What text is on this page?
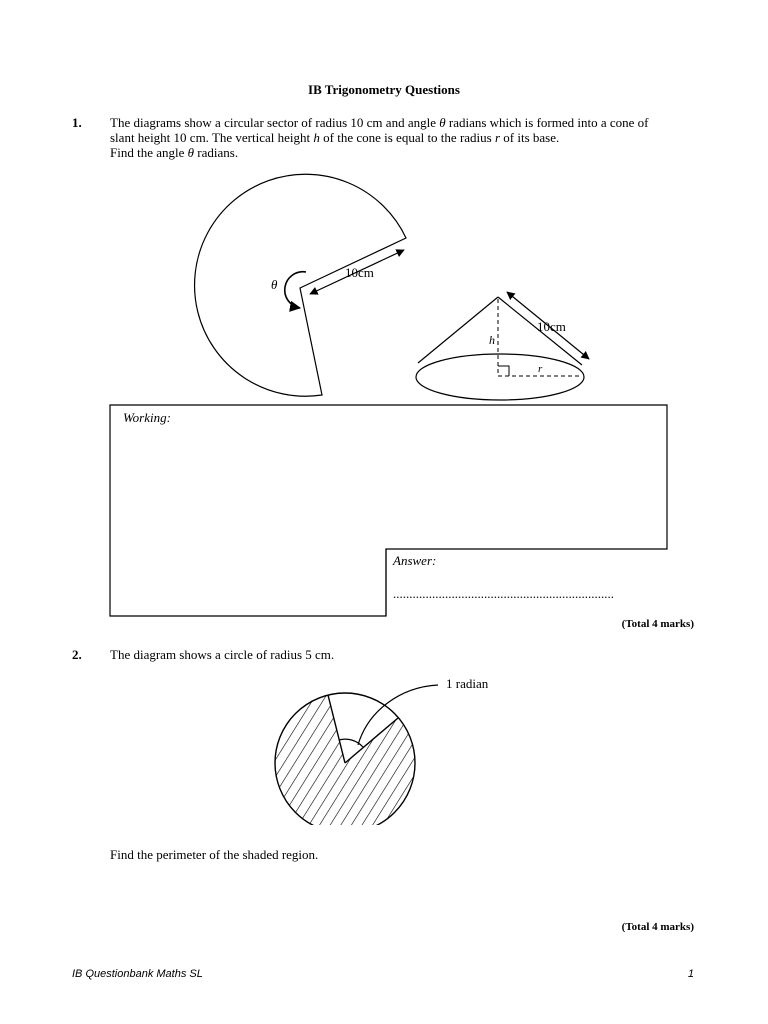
IB Trigonometry Questions
1. The diagrams show a circular sector of radius 10 cm and angle θ radians which is formed into a cone of slant height 10 cm. The vertical height h of the cone is equal to the radius r of its base.
Find the angle θ radians.
θ
10cm
h
r
10cm
Working:
Answer:
....................................................................
(Total 4 marks)
2. The diagram shows a circle of radius 5 cm.
1 radian
Find the perimeter of the shaded region.
(Total 4 marks)
IB Questionbank Maths SL	1
